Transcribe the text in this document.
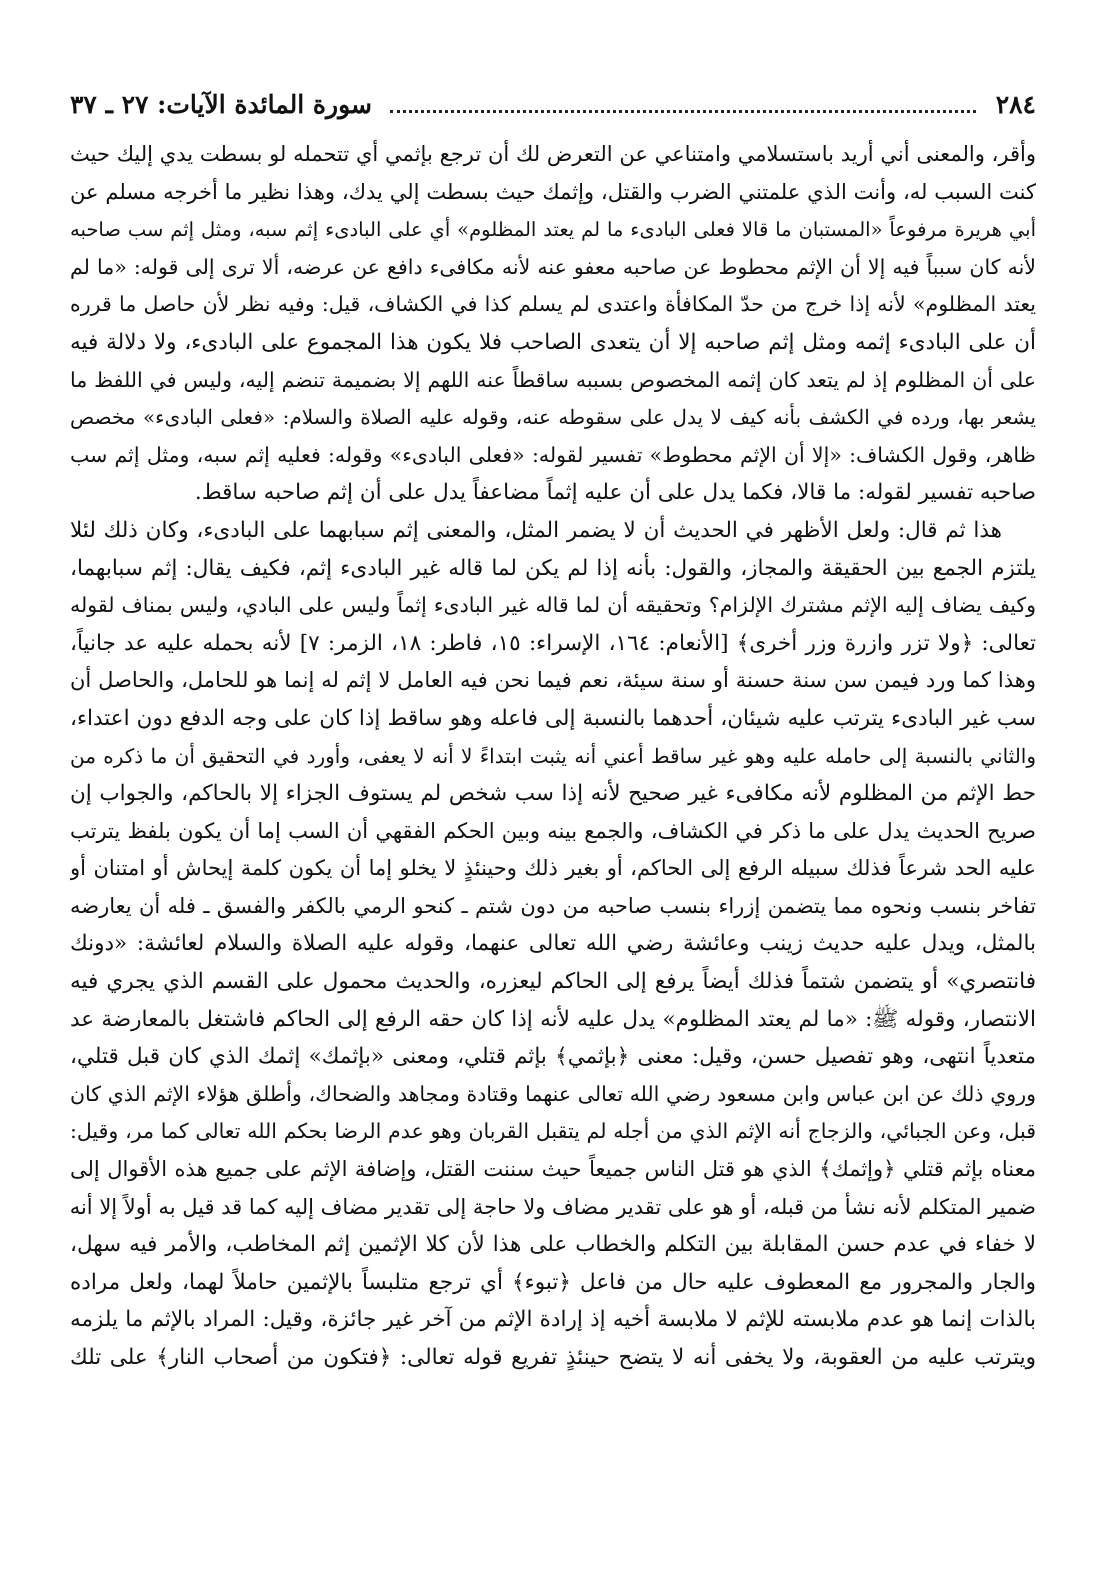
٢٨٤
سورة المائدة الآيات: ٢٧ ـ ٣٧
وأقر، والمعنى أني أريد باستسلامي وامتناعي عن التعرض لك أن ترجع بإثمي أي تتحمله لو بسطت يدي إليك حيث
كنت السبب له، وأنت الذي علمتني الضرب والقتل، وإثمك حيث بسطت إلي يدك، وهذا نظير ما أخرجه مسلم عن
أبي هريرة مرفوعاً «المستبان ما قالا فعلى البادىء ما لم يعتد المظلوم» أي على البادىء إثم سبه، ومثل إثم سب صاحبه
لأنه كان سبباً فيه إلا أن الإثم محطوط عن صاحبه معفو عنه لأنه مكافىء دافع عن عرضه، ألا ترى إلى قوله: «ما لم
يعتد المظلوم» لأنه إذا خرج من حدّ المكافأة واعتدى لم يسلم كذا في الكشاف، قيل: وفيه نظر لأن حاصل ما قرره
أن على البادىء إثمه ومثل إثم صاحبه إلا أن يتعدى الصاحب فلا يكون هذا المجموع على البادىء، ولا دلالة فيه
على أن المظلوم إذ لم يتعد كان إثمه المخصوص بسببه ساقطاً عنه اللهم إلا بضميمة تنضم إليه، وليس في اللفظ ما
يشعر بها، ورده في الكشف بأنه كيف لا يدل على سقوطه عنه، وقوله عليه الصلاة والسلام: «فعلى البادىء» مخصص
ظاهر، وقول الكشاف: «إلا أن الإثم محطوط» تفسير لقوله: «فعلى البادىء» وقوله: فعليه إثم سبه، ومثل إثم سب
صاحبه تفسير لقوله: ما قالا، فكما يدل على أن عليه إثماً مضاعفاً يدل على أن إثم صاحبه ساقط.
هذا ثم قال: ولعل الأظهر في الحديث أن لا يضمر المثل، والمعنى إثم سبابهما على البادىء، وكان ذلك لئلا
يلتزم الجمع بين الحقيقة والمجاز، والقول: بأنه إذا لم يكن لما قاله غير البادىء إثم، فكيف يقال: إثم سبابهما،
وكيف يضاف إليه الإثم مشترك الإلزام؟ وتحقيقه أن لما قاله غير البادىء إثماً وليس على البادي، وليس بمناف لقوله
تعالى: ﴿ولا تزر وازرة وزر أخرى﴾ [الأنعام: ١٦٤، الإسراء: ١٥، فاطر: ١٨، الزمر: ٧] لأنه بحمله عليه عد جانياً،
وهذا كما ورد فيمن سن سنة حسنة أو سنة سيئة، نعم فيما نحن فيه العامل لا إثم له إنما هو للحامل، والحاصل أن
سب غير البادىء يترتب عليه شيئان، أحدهما بالنسبة إلى فاعله وهو ساقط إذا كان على وجه الدفع دون اعتداء،
والثاني بالنسبة إلى حامله عليه وهو غير ساقط أعني أنه يثبت ابتداءً لا أنه لا يعفى، وأورد في التحقيق أن ما ذكره من
حط الإثم من المظلوم لأنه مكافىء غير صحيح لأنه إذا سب شخص لم يستوف الجزاء إلا بالحاكم، والجواب إن
صريح الحديث يدل على ما ذكر في الكشاف، والجمع بينه وبين الحكم الفقهي أن السب إما أن يكون بلفظ يترتب
عليه الحد شرعاً فذلك سبيله الرفع إلى الحاكم، أو بغير ذلك وحينئذٍ لا يخلو إما أن يكون كلمة إيحاش أو امتنان أو
تفاخر بنسب ونحوه مما يتضمن إزراء بنسب صاحبه من دون شتم ـ كنحو الرمي بالكفر والفسق ـ فله أن يعارضه
بالمثل، ويدل عليه حديث زينب وعائشة رضي الله تعالى عنهما، وقوله عليه الصلاة والسلام لعائشة: «دونك
فانتصري» أو يتضمن شتماً فذلك أيضاً يرفع إلى الحاكم ليعزره، والحديث محمول على القسم الذي يجري فيه
الانتصار، وقوله ﷺ: «ما لم يعتد المظلوم» يدل عليه لأنه إذا كان حقه الرفع إلى الحاكم فاشتغل بالمعارضة عد
متعدياً انتهى، وهو تفصيل حسن، وقيل: معنى ﴿بإثمي﴾ بإثم قتلي، ومعنى «بإثمك» إثمك الذي كان قبل قتلي،
وروي ذلك عن ابن عباس وابن مسعود رضي الله تعالى عنهما وقتادة ومجاهد والضحاك، وأطلق هؤلاء الإثم الذي كان
قبل، وعن الجبائي، والزجاج أنه الإثم الذي من أجله لم يتقبل القربان وهو عدم الرضا بحكم الله تعالى كما مر، وقيل:
معناه بإثم قتلي ﴿وإثمك﴾ الذي هو قتل الناس جميعاً حيث سننت القتل، وإضافة الإثم على جميع هذه الأقوال إلى
ضمير المتكلم لأنه نشأ من قبله، أو هو على تقدير مضاف ولا حاجة إلى تقدير مضاف إليه كما قد قيل به أولاً إلا أنه
لا خفاء في عدم حسن المقابلة بين التكلم والخطاب على هذا لأن كلا الإثمين إثم المخاطب، والأمر فيه سهل،
والجار والمجرور مع المعطوف عليه حال من فاعل ﴿تبوء﴾ أي ترجع متلبساً بالإثمين حاملاً لهما، ولعل مراده
بالذات إنما هو عدم ملابسته للإثم لا ملابسة أخيه إذ إرادة الإثم من آخر غير جائزة، وقيل: المراد بالإثم ما يلزمه
ويترتب عليه من العقوبة، ولا يخفى أنه لا يتضح حينئذٍ تفريع قوله تعالى: ﴿فتكون من أصحاب النار﴾ على تلك
